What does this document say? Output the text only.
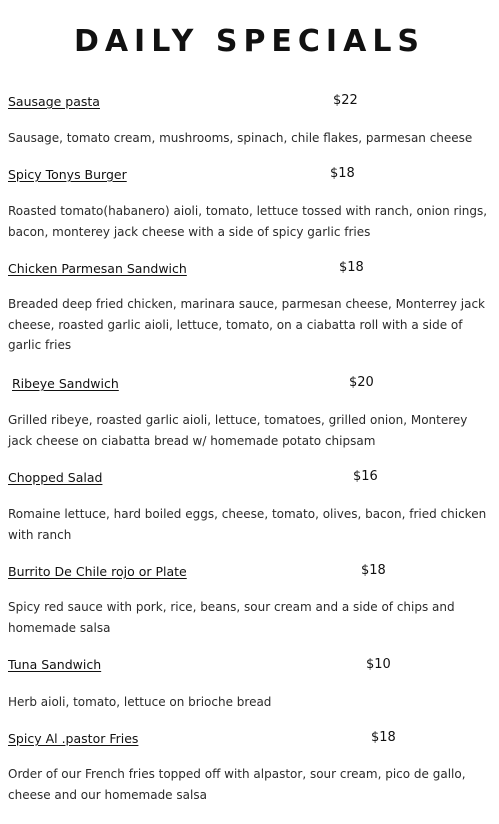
DAILY SPECIALS
Sausage pasta	$22

Sausage, tomato cream, mushrooms, spinach, chile flakes, parmesan cheese

Spicy Tonys Burger	$18

Roasted tomato(habanero) aioli, tomato, lettuce tossed with ranch, onion rings, bacon, monterey jack cheese with a side of spicy garlic fries

Chicken Parmesan Sandwich	$18

Breaded deep fried chicken, marinara sauce, parmesan cheese, Monterrey jack cheese, roasted garlic aioli, lettuce, tomato, on a ciabatta roll with a side of garlic fries

Ribeye Sandwich	$20

Grilled ribeye, roasted garlic aioli, lettuce, tomatoes, grilled onion, Monterey jack cheese on ciabatta bread w/ homemade potato chipsam

Chopped Salad	$16

Romaine lettuce, hard boiled eggs, cheese, tomato, olives, bacon, fried chicken with ranch

Burrito De Chile rojo or Plate	$18

Spicy red sauce with pork, rice, beans, sour cream and a side of chips and homemade salsa

Tuna Sandwich	$10

Herb aioli, tomato, lettuce on brioche bread

Spicy Al .pastor Fries	$18

Order of our French fries topped off with alpastor, sour cream, pico de gallo, cheese and our homemade salsa
